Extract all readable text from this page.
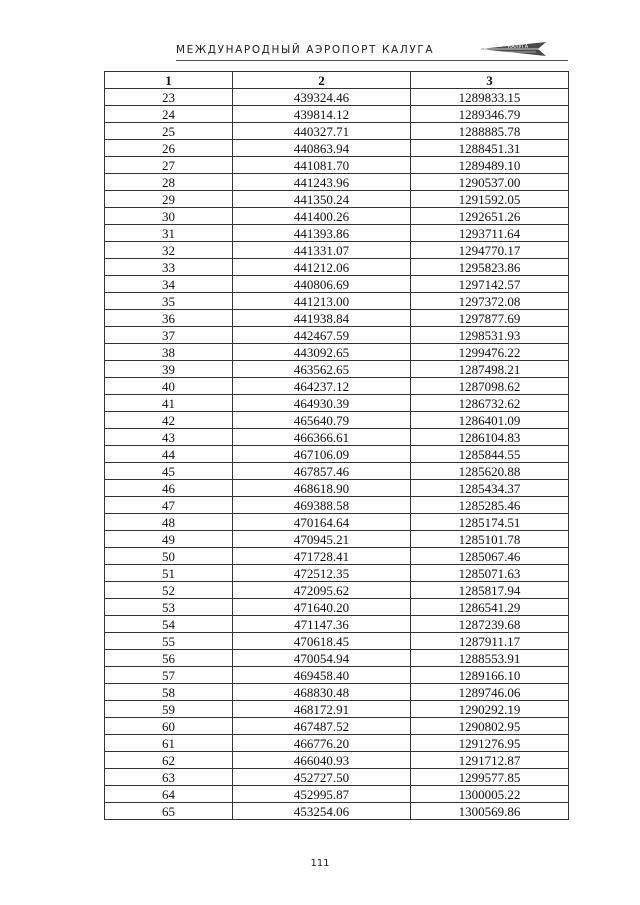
МЕЖДУНАРОДНЫЙ АЭРОПОРТ КАЛУГА	КАЛУГА
1	2	3
23	439324.46	1289833.15
24	439814.12	1289346.79
25	440327.71	1288885.78
26	440863.94	1288451.31
27	441081.70	1289489.10
28	441243.96	1290537.00
29	441350.24	1291592.05
30	441400.26	1292651.26
31	441393.86	1293711.64
32	441331.07	1294770.17
33	441212.06	1295823.86
34	440806.69	1297142.57
35	441213.00	1297372.08
36	441938.84	1297877.69
37	442467.59	1298531.93
38	443092.65	1299476.22
39	463562.65	1287498.21
40	464237.12	1287098.62
41	464930.39	1286732.62
42	465640.79	1286401.09
43	466366.61	1286104.83
44	467106.09	1285844.55
45	467857.46	1285620.88
46	468618.90	1285434.37
47	469388.58	1285285.46
48	470164.64	1285174.51
49	470945.21	1285101.78
50	471728.41	1285067.46
51	472512.35	1285071.63
52	472095.62	1285817.94
53	471640.20	1286541.29
54	471147.36	1287239.68
55	470618.45	1287911.17
56	470054.94	1288553.91
57	469458.40	1289166.10
58	468830.48	1289746.06
59	468172.91	1290292.19
60	467487.52	1290802.95
61	466776.20	1291276.95
62	466040.93	1291712.87
63	452727.50	1299577.85
64	452995.87	1300005.22
65	453254.06	1300569.86
111
